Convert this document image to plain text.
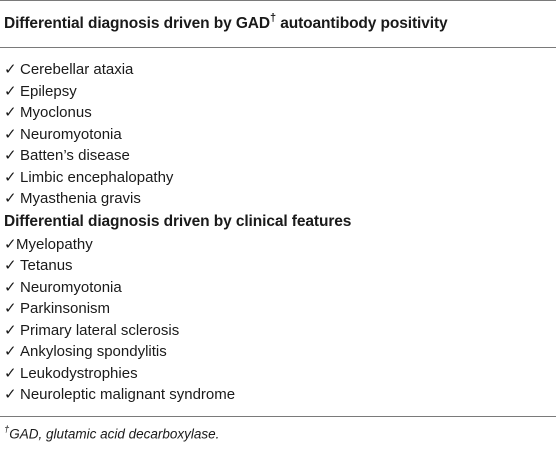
Differential diagnosis driven by GAD† autoantibody positivity
✓ Cerebellar ataxia
✓ Epilepsy
✓ Myoclonus
✓ Neuromyotonia
✓ Batten’s disease
✓ Limbic encephalopathy
✓ Myasthenia gravis
Differential diagnosis driven by clinical features
✓Myelopathy
✓ Tetanus
✓ Neuromyotonia
✓ Parkinsonism
✓ Primary lateral sclerosis
✓ Ankylosing spondylitis
✓ Leukodystrophies
✓ Neuroleptic malignant syndrome
†GAD, glutamic acid decarboxylase.
